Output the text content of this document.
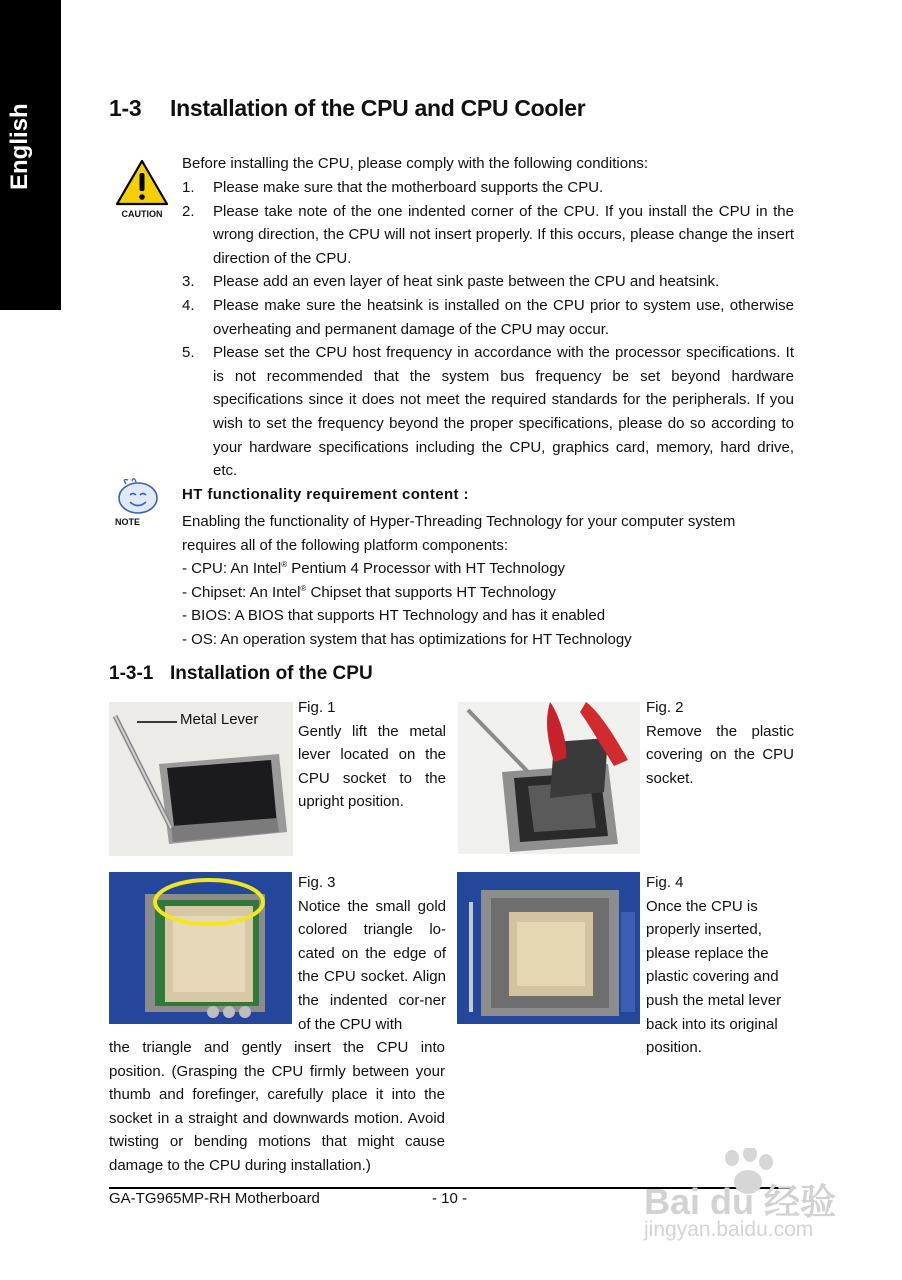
English	1-3 Installation of the CPU and CPU Cooler
CAUTION
Before installing the CPU, please comply with the following conditions:
1. Please make sure that the motherboard supports the CPU.
2. Please take note of the one indented corner of the CPU. If you install the CPU in the wrong direction, the CPU will not insert properly. If this occurs, please change the insert direction of the CPU.
3. Please add an even layer of heat sink paste between the CPU and heatsink.
4. Please make sure the heatsink is installed on the CPU prior to system use, otherwise overheating and permanent damage of the CPU may occur.
5. Please set the CPU host frequency in accordance with the processor specifications. It is not recommended that the system bus frequency be set beyond hardware specifications since it does not meet the required standards for the peripherals. If you wish to set the frequency beyond the proper specifications, please do so according to your hardware specifications including the CPU, graphics card, memory, hard drive, etc.
NOTE
HT functionality requirement content :
Enabling the functionality of Hyper-Threading Technology for your computer system
requires all of the following platform components:
- CPU: An Intel® Pentium 4 Processor with HT Technology
- Chipset: An Intel® Chipset that supports HT Technology
- BIOS: A BIOS that supports HT Technology and has it enabled
- OS: An operation system that has optimizations for HT Technology
1-3-1 Installation of the CPU
Metal Lever
Fig. 1
Gently lift the metal lever located on the CPU socket to the upright position.
Fig. 2
Remove the plastic covering on the CPU socket.
Fig. 3
Notice the small gold colored triangle lo-cated on the edge of the CPU socket. Align the indented cor-ner of the CPU with
the triangle and gently insert the CPU into position. (Grasping the CPU firmly between your thumb and forefinger, carefully place it into the socket in a straight and downwards motion. Avoid twisting or bending motions that might cause damage to the CPU during installation.)
Fig. 4
Once the CPU is properly inserted, please replace the plastic covering and push the metal lever back into its original position.
GA-TG965MP-RH Motherboard	- 10 -	Bai du 经验
jingyan.baidu.com
